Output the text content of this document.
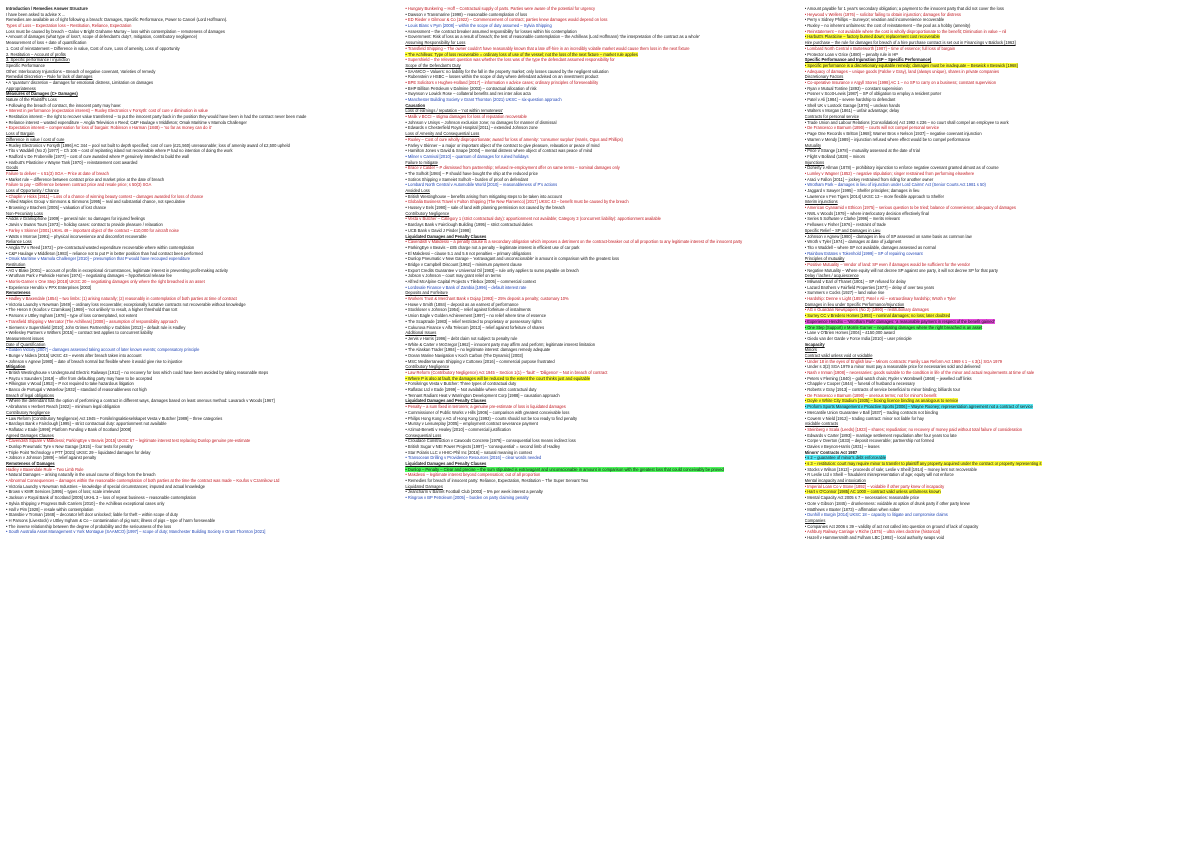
Introduction / Remedies Answer Structure

I have been asked to advise X ...

Remedies are available as of right following a breach: Damages, Specific Performance, Power to Cancel (Lord Hoffmann).

Types of Loss – Expectation loss – Restitution, Reliance, Expectation

Loss must be caused by breach – Galoo v Bright Grahame Murray – loss within contemplation – remoteness of damages

• Amount of damages (what type of loss?, scope of defendant's duty?, mitigation, contributory negligence)

Measurement of loss + date of quantification

1. Cost of reinstatement – Difference in value, Cost of cure, Loss of amenity, Loss of opportunity

2. Restitution – Account of profits

3. Specific performance / injunction

Specific Performance

Other: Interlocutory Injunctions – Breach of negative covenant, Varieties of remedy

Remedial Discretion – Rule for lack of damages

• A 'quantum' discretion – damages for emotional distress, Limitation on damages

Appropriateness

Measures of Damages (C+ Damages)

Nature of the Plaintiff's Loss

• Following the breach of contract, the innocent party may have:

• Interest in performance (expectation interest) – Ruxley Electronics v Forsyth: cost of cure v diminution in value

• Restitution interest – the right to recover value transferred – to put the innocent party back in the position they would have been in had the contract never been made

• Reliance interest – wasted expenditure – Anglia Television v Reed; C&P Haulage v Middleton; Omak Maritime v Mamola Challenger

• Expectation interest – compensation for loss of bargain: Robinson v Harman (1848) – 'so far as money can do it'

Loss of Bargain

Difference in value / cost of cure

• Ruxley Electronics v Forsyth [1996] AC 344 – pool not built to depth specified; cost of cure (£21,560) unreasonable; loss of amenity award of £2,500 upheld

• Tito v Waddell (No 2) [1977] – Ch 106 – cost of replanting island not recoverable where P had no intention of doing the work

• Radford v De Froberville [1977] – cost of cure awarded where P genuinely intended to build the wall

• Harbutt's Plasticine v Wayne Tank [1970] – reinstatement cost awarded

Goods

Failure to deliver – s 51(3) SGA – Price at date of breach

• Market rule – difference between contract price and market price at the date of breach

Failure to pay – Difference between contract price and resale price; s 50(3) SGA

Loss of Opportunity / Chance

• Chaplin v Hicks [1911] – Loss of a chance of winning beauty contest – damages awarded for loss of chance

• Allied Maples Group v Simmons & Simmons [1995] – real and substantial chance, not speculative

• Browning v Brachers [2005] – valuation of lost chance

Non-Pecuniary Loss

• Addis v Gramophone [1909] – general rule: no damages for injured feelings

• Jarvis v Swans Tours [1973] – holiday cases: contract to provide pleasure / relaxation

• Farley v Skinner [2001] UKHL 49 – important object of the contract – £10,000 for aircraft noise

• Watts v Morrow [1991] – physical inconvenience and discomfort recoverable

Reliance Loss

• Anglia TV v Reed [1972] – pre-contractual wasted expenditure recoverable where within contemplation

• C&P Haulage v Middleton [1983] – reliance not to put P in better position than had contract been performed

• Omak Maritime v Mamola Challenger [2010] – presumption that P would have recouped expenditure

Restitution

• AG v Blake [2001] – account of profits in exceptional circumstances, legitimate interest in preventing profit-making activity

• Wrotham Park v Parkside Homes [1974] – negotiating damages – hypothetical release fee

• Morris-Garner v One Step [2018] UKSC 20 – negotiating damages only where the right breached is an asset

• Experience Hendrix v PPX Enterprises [2003]

Remoteness

• Hadley v Baxendale (1854) – two limbs: (1) arising naturally; (2) reasonably in contemplation of both parties at time of contract

• Victoria Laundry v Newman [1949] – ordinary loss recoverable; exceptionally lucrative contracts not recoverable without knowledge

• The Heron II (Koufos v Czarnikow) [1969] – 'not unlikely' to result, a higher threshold than tort

• Parsons v Uttley Ingham [1978] – type of loss contemplated, not extent

• Transfield Shipping v Mercator (The Achilleas) [2008] – assumption of responsibility approach

• Siemens v Supershield [2010]; John Grimes Partnership v Gubbins [2013] – default rule is Hadley

• Wellesley Partners v Withers [2015] – contract test applies to concurrent liability

Measurement issues

Date of Quantification

• Golden Victory [2007] – damages assessed taking account of later known events; compensatory principle

• Bunge v Nidera [2015] UKSC 43 – events after breach taken into account

• Johnson v Agnew [1980] – date of breach normal but flexible where it would give rise to injustice

Mitigation

• British Westinghouse v Underground Electric Railways [1912] – no recovery for loss which could have been avoided by taking reasonable steps

• Payzu v Saunders [1919] – offer from defaulting party may have to be accepted

• Pilkington v Wood [1953] – P not required to take hazardous litigation

• Banco de Portugal v Waterlow [1932] – standard of reasonableness not high

Breach of legal obligations

• Where the defendant has the option of performing a contract in different ways, damages based on least onerous method: Lavarack v Woods [1967]

• Abrahams v Herbert Reach [1922] – minimum legal obligation

Contributory Negligence

• Law Reform (Contributory Negligence) Act 1945 – Forsikringsaktieselskapet Vesta v Butcher [1989] – three categories

• Barclays Bank v Fairclough [1995] – strict contractual duty: apportionment not available

• Raflatac v Eade [1999]; Platform Funding v Bank of Scotland [2008]

Agreed Damages Clauses

• Cavendish Square v Makdessi; ParkingEye v Beavis [2015] UKSC 67 – legitimate interest test replacing Dunlop genuine pre-estimate

• Dunlop Pneumatic Tyre v New Garage [1915] – four tests for penalty

• Triple Point Technology v PTT [2021] UKSC 29 – liquidated damages for delay

• Jobson v Johnson [1989] – relief against penalty

Remoteness of Damages

Hadley v Baxendale Rule – Two Limb Rule

• Natural Damages – arising naturally in the usual course of things from the breach

• Abnormal Consequences – damages within the reasonable contemplation of both parties at the time the contract was made – Koufos v Czarnikow Ltd

• Victoria Laundry v Newman Industries – knowledge of special circumstances; imputed and actual knowledge

• Brown v KMR Services [1995] – types of loss; scale irrelevant

• Jackson v Royal Bank of Scotland [2005] UKHL 3 – loss of repeat business – reasonable contemplation

• Sylvia Shipping v Progress Bulk Carriers [2010] – the Achilleas exceptional cases only

• Hall v Pim [1928] – resale within contemplation

• Stansbie v Troman [1948] – decorator left door unlocked; liable for theft – within scope of duty

• H Parsons (Livestock) v Uttley Ingham & Co – contamination of pig nuts; illness of pigs – type of harm foreseeable

• The inverse relationship between the degree of probability and the seriousness of the loss

• South Australia Asset Management v York Montague (SAAMCO) [1997] – scope of duty; Manchester Building Society v Grant Thornton [2021]

• Hungary Bunkering – Hoff – Contractual supply of parts. Parties were aware of the potential for urgency

• Dawson v Transmarine (1998) – reasonable contemplation of loss

• ED Rieder v Gilmour & Co (1922) – Commencement of contract; parties knew damages would depend on loss

• Louis Blanc v Pym [2008] – within the scope of duty assumed – Sylvia Shipping

• Assessment – the contract breaker assumed responsibility for losses within his contemplation

• Government: Risk of loss as a result of breach; the test of reasonable contemplation – the Achilleas (Lord Hoffmann) 'the interpretation of the contract as a whole'

Assuming Responsibility for Loss

• Transfield Shipping – The owner couldn't have reasonably known that a late off-hire in an incredibly volatile market would cause them loss in the next fixture

• The Achilleas: Type of loss recoverable = ordinary loss of use of the vessel; not the loss of the next fixture – market rule applies

• Supershield – the relevant question was whether the loss was of the type the defendant assumed responsibility for

Scope of the Defendant's Duty

• SAAMCO – Valuers: no liability for the fall in the property market; only losses caused by the negligent valuation

• Rubenstein v HSBC – losses within the scope of duty where defendant advised on an investment product

• BPE Solicitors v Hughes-Holland [2017] – information v advice cases; ordinary principles of foreseeability

• BHP Billiton Petroleum v Dalmine (2003) – contractual allocation of risk

• Swynson v Lowick Rose – collateral benefits and res inter alios acta

• Manchester Building Society v Grant Thornton (2021) UKSC – six-question approach

Causation

Loss of earnings / reputation – 'not within remoteness'

• Malik v BCCI – stigma damages for loss of reputation recoverable

• Johnson v Unisys – Johnson exclusion zone; no damages for manner of dismissal

• Edwards v Chesterfield Royal Hospital [2011] – extended Johnson zone

Loss of Amenity and Consequential Loss

• Ruxley – Cost of cure wholly disproportionate; award for loss of amenity: 'consumer surplus' (Harris, Ogus and Phillips)

• Farley v Skinner – a major or important object of the contract to give pleasure, relaxation or peace of mind

• Hamilton Jones v David & Snape [2004] – mental distress where object of contract was peace of mind

• Milner v Carnival [2010] – quantum of damages for ruined holidays

Failure to mitigate

• Brace v Calder – P dismissed from partnership; refused re-employment offer on same terms – nominal damages only

• The Solholt [1984] – P should have bought the ship at the reduced price

• Sotiros Shipping v Sameiet Solholt – burden of proof on defendant

• Lombard North Central v Automobile World [2010] – reasonableness of P's actions

Avoided Loss

• British Westinghouse – benefits arising from mitigating steps to be taken into account

• Globalia Business Travel v Fulton Shipping (The New Flamenco) [2017] UKSC 43 – benefit must be caused by the breach

• Hussey v Eels [1990] – sale of land with planning permission not caused by the breach

Contributory Negligence

• Vesta v Butcher – Category 1 (strict contractual duty): apportionment not available; Category 3 (concurrent liability): apportionment available

• Barclays Bank v Fairclough Building (1995) – strict contractual duties

• UCB Bank v David J Pinder [1998]

Liquidated Damages and Penalty Clauses

• Cavendish v Makdessi – a penalty clause is a secondary obligation which imposes a detriment on the contract-breaker out of all proportion to any legitimate interest of the innocent party

• ParkingEye v Beavis – £85 charge not a penalty – legitimate interest in efficient use of car park

• El Makdessi – clause 5.1 and 5.6 not penalties – primary obligations

• Dunlop Pneumatic v New Garage – 'extravagant and unconscionable' in amount in comparison with the greatest loss

• Bridge v Campbell Discount [1962] – minimum payment clause

• Export Credits Guarantee v Universal Oil [1983] – rule only applies to sums payable on breach

• Jobson v Johnson – court may grant relief on terms

• Alfred McAlpine Capital Projects v Tilebox [2005] – commercial context

• Lordsvale Finance v Bank of Zambia [1996] – default interest rate

Deposits and Forfeiture

• Workers Trust & Merchant Bank v Dojap [1993] – 25% deposit a penalty; customary 10%

• Howe v Smith (1884) – deposit as an earnest of performance

• Stockloser v Johnson [1954] – relief against forfeiture of instalments

• Union Eagle v Golden Achievement [1997] – no relief where time of essence

• The Scaptrade [1983] – relief restricted to proprietary or possessory rights

• Cukurova Finance v Alfa Telecom [2013] – relief against forfeiture of shares

Additional Issues

• Jervis v Harris [1996] – debt claim not subject to penalty rule

• White & Carter v McGregor [1962] – innocent party may affirm and perform; legitimate interest limitation

• The Alaskan Trader [1984] – no legitimate interest: damages remedy adequate

• Ocean Marine Navigation v Koch Carbon (The Dynamic) [2003]

• MSC Mediterranean Shipping v Cottonex [2016] – commercial purpose frustrated

Contributory Negligence

• Law Reform (Contributory Negligence) Act 1945 – Section 1(1) – 'fault' – 'Diligence' – Not in breach of contract

• Where P is also at fault, the damages will be reduced to the extent the court thinks just and equitable

• Forsikrings Vesta v Butcher: Three types of contractual duty

• Raflatac Ltd v Eade [1999] – Not available where strict contractual duty

• Tennant Radiant Heat v Warrington Development Corp [1988] – causation approach

Liquidated Damages and Penalty Clauses

• Penalty – a sum fixed in terrorem; a genuine pre-estimate of loss is liquidated damages

• Commissioner of Public Works v Hills [1906] – comparison with greatest conceivable loss

• Philips Hong Kong v AG of Hong Kong (1993) – courts should not be too ready to find penalty

• Murray v Leisureplay [2005] – employment contract severance payment

• Azimut-Benetti v Healey [2010] – commercial justification

Consequential Loss

• Croudace Construction v Cawoods Concrete [1978] – consequential loss means indirect loss

• British Sugar v NEI Power Projects [1997] – 'consequential' = second limb of Hadley

• Star Polaris LLC v HHIC-Phil Inc [2016] – natural meaning in context

• Transocean Drilling v Providence Resources [2016] – clear words needed

Liquidated Damages and Penalty Clauses

• Dunlop – Penalty – Clear and precise – the sum stipulated is extravagant and unconscionable in amount in comparison with the greatest loss that could conceivably be proved

• Makdessi – legitimate interest beyond compensation; out of all proportion

• Remedies for breach of innocent party: Reliance, Expectation, Restitution – The Super Servant Two

Liquidated Damages

• Jeancharm v Barnet Football Club [2003] – 5% per week interest a penalty

• Ringrow v BP Petroleum [2005] – burden on party claiming penalty

• Amount payable for 1 year's secondary obligation; a payment to the innocent party that did not cover the loss

• Heywood v Wellers (1976) – solicitor failing to obtain injunction; damages for distress

• Perry v Sidney Phillips – Surveyor; vexation and inconvenience recoverable

• Ruxley – no inherent unfairness: the cost of reinstatement – the pool as a hobby (amenity)

• Reinstatement – not available where the cost is wholly disproportionate to the benefit; Diminution in value – nil

• Harbutt's Plasticine – factory burned down; replacement cost recoverable

Hire purchase – the rule for damages for breach of a hire purchase contract is set out in Financings v Baldock [1963]

• Lombard North Central v Butterworth [1987] – time of essence; full loss of bargain

• Protector Loan v Grice (1880) – penalty rule in HP

Specific Performance and Injunction (SP – Specific Performance)

• Specific performance is a discretionary equitable remedy; damages must be inadequate – Beswick v Beswick [1968]

• Adequacy of damages – unique goods (Falcke v Gray), land (always unique), shares in private companies

Discretionary Factors

• Co-operative Insurance v Argyll Stores [1998] AC 1 – no SP to carry on a business; constant supervision

• Ryan v Mutual Tontine (1893) – constant supervision

• Posner v Scott-Lewis [1987] – SP of obligation to employ a resident porter

• Patel v Ali [1984] – severe hardship to defendant

• Shell UK v Lostock Garage [1976] – unclean hands

• Walters v Morgan (1861) – unfair advantage; delay

Contracts for personal service

• Trade Union and Labour Relations (Consolidation) Act 1992 s 236 – no court shall compel an employee to work

• De Francesco v Barnum (1890) – courts will not compel personal service

• Page One Records v Britton [1968]; Warner Bros v Nelson [1937] – negative covenant injunction

• Warren v Mendy [1989] – injunction refused where effect would be to compel performance

Mutuality

• Price v Strange [1978] – mutuality assessed at the date of trial

• Flight v Bolland (1828) – minors

Injunctions

• Doherty v Allman (1878) – prohibitory injunction to enforce negative covenant granted almost as of course

• Lumley v Wagner (1852) – negative stipulation; singer restrained from performing elsewhere

• Araci v Fallon [2011] – jockey restrained from riding for another owner

• Wrotham Park – damages in lieu of injunction under Lord Cairns' Act (Senior Courts Act 1981 s 50)

• Jaggard v Sawyer [1995] – Shelfer principles; damages in lieu

• Lawrence v Fen Tigers [2014] UKSC 13 – more flexible approach to Shelfer

Interim injunctions

• American Cyanamid v Ethicon [1975] – serious question to be tried; balance of convenience; adequacy of damages

• NWL v Woods [1979] – where interlocutory decision effectively final

• Series 5 Software v Clarke [1996] – merits relevant

• Fellowes v Fisher [1976] – restraint of trade

Specific Relief – SP and Damages in Lieu

• Johnson v Agnew [1980] – damages in lieu of SP assessed on same basis as common law

• Wroth v Tyler [1974] – damages at date of judgment

• Tito v Waddell – where SP not available, damages assessed as normal

• Rainbow Estates v Tokenhold [1999] – SP of repairing covenant

Principles of mutuality

• Positive Mutuality – Vendor of land: SP even if damages would be sufficient for the vendor

• Negative Mutuality – Where equity will not decree SP against one party, it will not decree SP for that party

Delay / laches / acquiescence

• Milward v Earl of Thanet (1801) – SP refused for delay

• Lazard Brothers v Fairfield Properties [1977] – delay of over two years

• Summers v Cocks (1927) – land value rise

• Hardship: Denne v Light (1857); Patel v Ali – extraordinary hardship; Wroth v Tyler

Damages in lieu under Specific Performance/Injunction

• AG v Guardian Newspapers (No 2) [1990] – restitutionary damages

• Surrey CC v Bredero Homes [1993] – nominal damages; no loss; later doubted

• Experience Hendrix – 'Wrotham Park' damages: 'a reasonable payment in respect of the benefit gained'

• One Step (Support) v Morris-Garner – negotiating damages where the right breached is an asset

• Lane v O'Brien Homes [2004] – £150,000 award

• Giedo van der Garde v Force India [2010] – user principle

Incapacity

Minors

Contract valid unless void or voidable

• Under 18 in the eyes of English law – Minors contracts: Family Law Reform Act 1969 s 1 – s 3(1) SGA 1979

• Under s 3(2) SGA 1979 a minor must pay a reasonable price for necessaries sold and delivered

• Nash v Inman [1908] – necessaries: goods suitable to the condition in life of the minor and actual requirements at time of sale

• Peters v Fleming (1840) – gold watch chain; Ryder v Wombwell (1868) – jewelled cuff links

• Chapple v Cooper (1844) – funeral of husband a necessary

• Roberts v Gray [1913] – contracts of service beneficial to minor binding; billiards tour

• De Francesco v Barnum (1890) – onerous terms; not for minor's benefit

• Doyle v White City Stadium [1935] – boxing licence binding as analogous to service

• Proform Sports Management v Proactive Sports [2006] – Wayne Rooney; representation agreement not a contract of service

• Mercantile Union Guarantee v Ball [1937] – trading contracts not binding

• Cowern v Nield [1912] – trading contract: minor not liable for hay

Voidable contracts

• Steinberg v Scala (Leeds) [1923] – shares; repudiation; no recovery of money paid without total failure of consideration

• Edwards v Carter [1893] – marriage settlement repudiation after four years too late

• Corpe v Overton (1833) – deposit recoverable; partnership not formed

• Davies v Beynon-Harris (1931) – leases

Minors' Contracts Act 1987

• s 2 – guarantee of minor's debt enforceable

• s 3 – restitution: court may require minor to transfer to plaintiff any property acquired under the contract or property representing it

• Stocks v Wilson [1913] – proceeds of sale; Leslie v Sheill [1914] – money lent not recoverable

• R Leslie Ltd v Sheill – fraudulent misrepresentation of age; equity will not enforce

Mental incapacity and intoxication

• Imperial Loan Co v Stone [1892] – voidable if other party knew of incapacity

• Hart v O'Connor [1985] AC 1000 – contract valid unless unfairness known

• Mental Capacity Act 2005 s 7 – necessaries: reasonable price

• Gore v Gibson (1845) – drunkenness: voidable at option of drunk party if other party knew

• Matthews v Baxter (1873) – affirmation when sober

• Dunhill v Burgin [2014] UKSC 18 – capacity to litigate and compromise claims

Companies

• Companies Act 2006 s 39 – validity of act not called into question on ground of lack of capacity

• Ashbury Railway Carriage v Riche (1875) – ultra vires doctrine (historical)

• Hazell v Hammersmith and Fulham LBC [1992] – local authority swaps void
